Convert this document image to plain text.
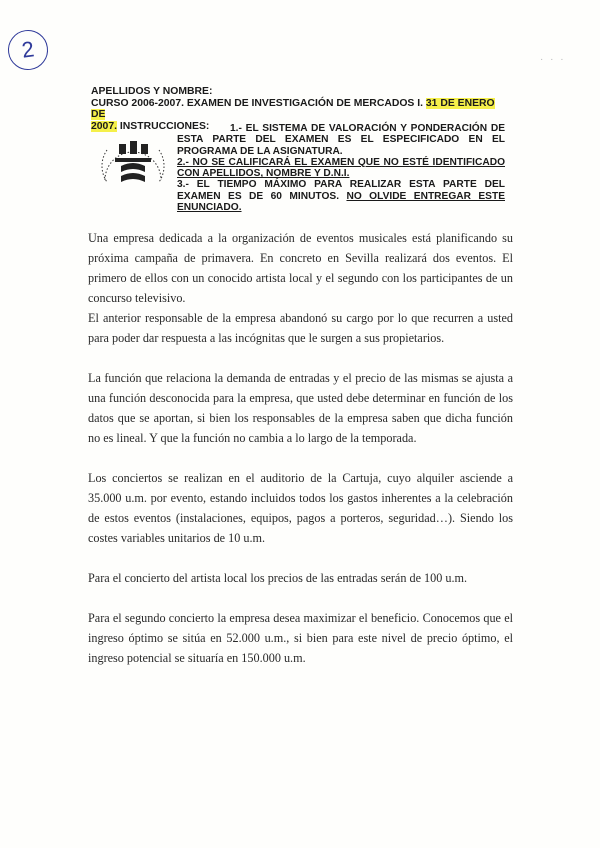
2	· · ·
APELLIDOS Y NOMBRE:
CURSO 2006-2007. EXAMEN DE INVESTIGACIÓN DE MERCADOS I. 31 DE ENERO DE
2007. INSTRUCCIONES:	1.- EL SISTEMA DE VALORACIÓN Y PONDERACIÓN DE ESTA PARTE DEL EXAMEN ES EL ESPECIFICADO EN EL PROGRAMA DE LA ASIGNATURA.

2.- NO SE CALIFICARÁ EL EXAMEN QUE NO ESTÉ IDENTIFICADO CON APELLIDOS, NOMBRE Y D.N.I.

3.- EL TIEMPO MÁXIMO PARA REALIZAR ESTA PARTE DEL EXAMEN ES DE 60 MINUTOS. NO OLVIDE ENTREGAR ESTE ENUNCIADO.

Una empresa dedicada a la organización de eventos musicales está planificando su próxima campaña de primavera. En concreto en Sevilla realizará dos eventos. El primero de ellos con un conocido artista local y el segundo con los participantes de un concurso televisivo.

El anterior responsable de la empresa abandonó su cargo por lo que recurren a usted para poder dar respuesta a las incógnitas que le surgen a sus propietarios.

La función que relaciona la demanda de entradas y el precio de las mismas se ajusta a una función desconocida para la empresa, que usted debe determinar en función de los datos que se aportan, si bien los responsables de la empresa saben que dicha función no es lineal. Y que la función no cambia a lo largo de la temporada.

Los conciertos se realizan en el auditorio de la Cartuja, cuyo alquiler asciende a 35.000 u.m. por evento, estando incluidos todos los gastos inherentes a la celebración de estos eventos (instalaciones, equipos, pagos a porteros, seguridad…). Siendo los costes variables unitarios de 10 u.m.

Para el concierto del artista local los precios de las entradas serán de 100 u.m.

Para el segundo concierto la empresa desea maximizar el beneficio. Conocemos que el ingreso óptimo se sitúa en 52.000 u.m., si bien para este nivel de precio óptimo, el ingreso potencial se situaría en 150.000 u.m.
